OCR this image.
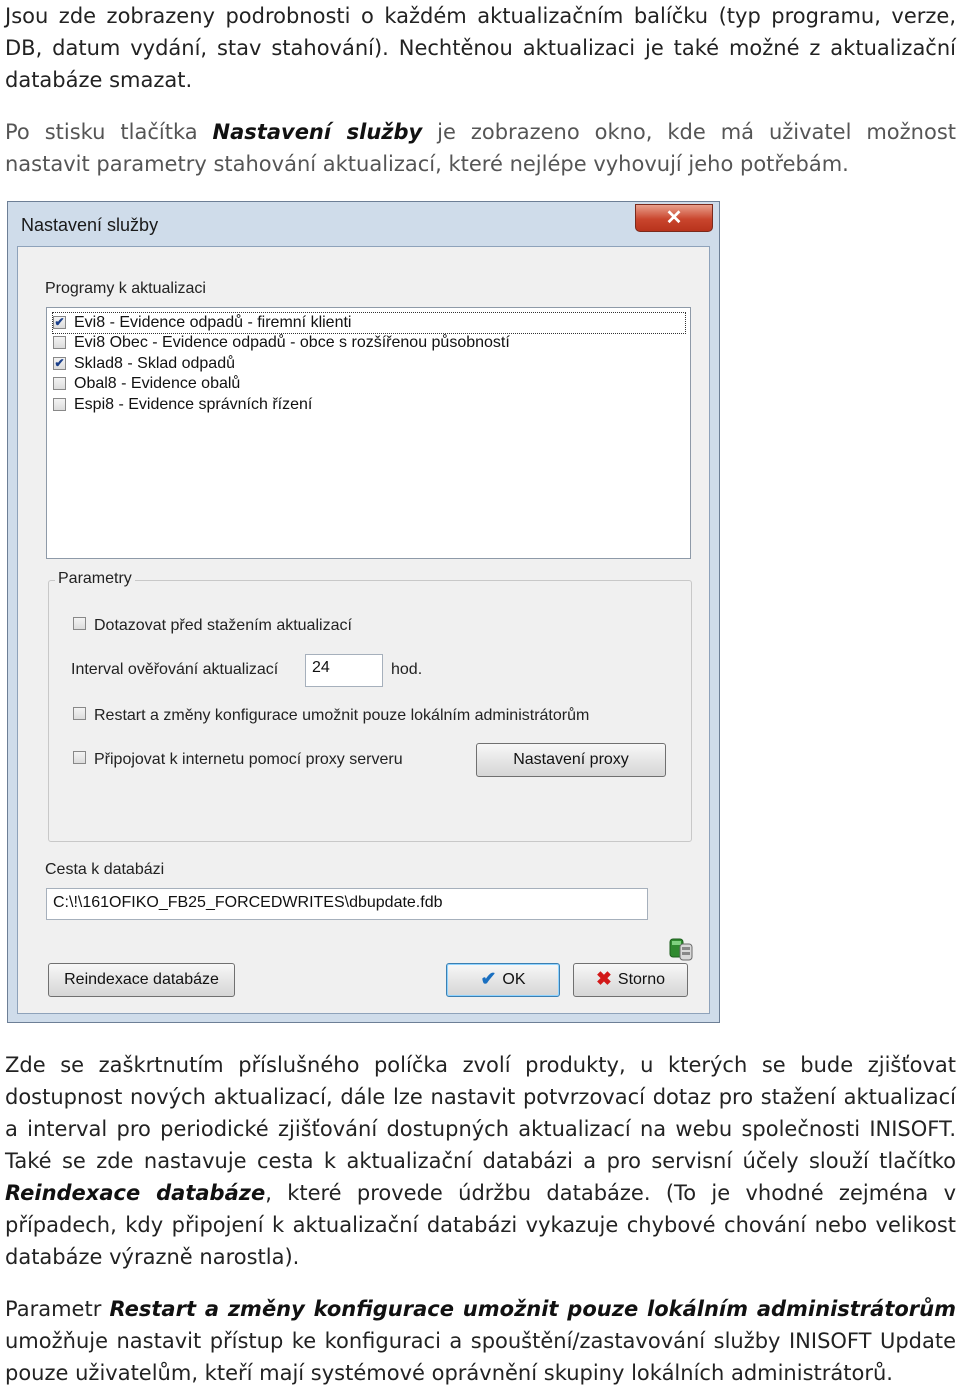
Jsou zde zobrazeny podrobnosti o každém aktualizačním balíčku (typ programu, verze, DB, datum vydání, stav stahování). Nechtěnou aktualizaci je také možné z aktualizační databáze smazat.
Po stisku tlačítka Nastavení služby je zobrazeno okno, kde má uživatel možnost nastavit parametry stahování aktualizací, které nejlépe vyhovují jeho potřebám.
Nastavení služby	✕
Programy k aktualizaci
✔ Evi8 - Evidence odpadů - firemní klienti
Evi8 Obec - Evidence odpadů - obce s rozšířenou působností
✔ Sklad8 - Sklad odpadů
Obal8 - Evidence obalů
Espi8 - Evidence správních řízení
Parametry
Dotazovat před stažením aktualizací
Interval ověřování aktualizací	24	hod.
Restart a změny konfigurace umožnit pouze lokálním administrátorům
Připojovat k internetu pomocí proxy serveru	Nastavení proxy
Cesta k databázi
C:\!\161OFIKO_FB25_FORCEDWRITES\dbupdate.fdb
Reindexace databáze	✔ OK	✖ Storno
Zde se zaškrtnutím příslušného políčka zvolí produkty, u kterých se bude zjišťovat dostupnost nových aktualizací, dále lze nastavit potvrzovací dotaz pro stažení aktualizací a interval pro periodické zjišťování dostupných aktualizací na webu společnosti INISOFT. Také se zde nastavuje cesta k aktualizační databázi a pro servisní účely slouží tlačítko Reindexace databáze, které provede údržbu databáze. (To je vhodné zejména v případech, kdy připojení k aktualizační databázi vykazuje chybové chování nebo velikost databáze výrazně narostla).
Parametr Restart a změny konfigurace umožnit pouze lokálním administrátorům umožňuje nastavit přístup ke konfiguraci a spouštění/zastavování služby INISOFT Update pouze uživatelům, kteří mají systémové oprávnění skupiny lokálních administrátorů.
